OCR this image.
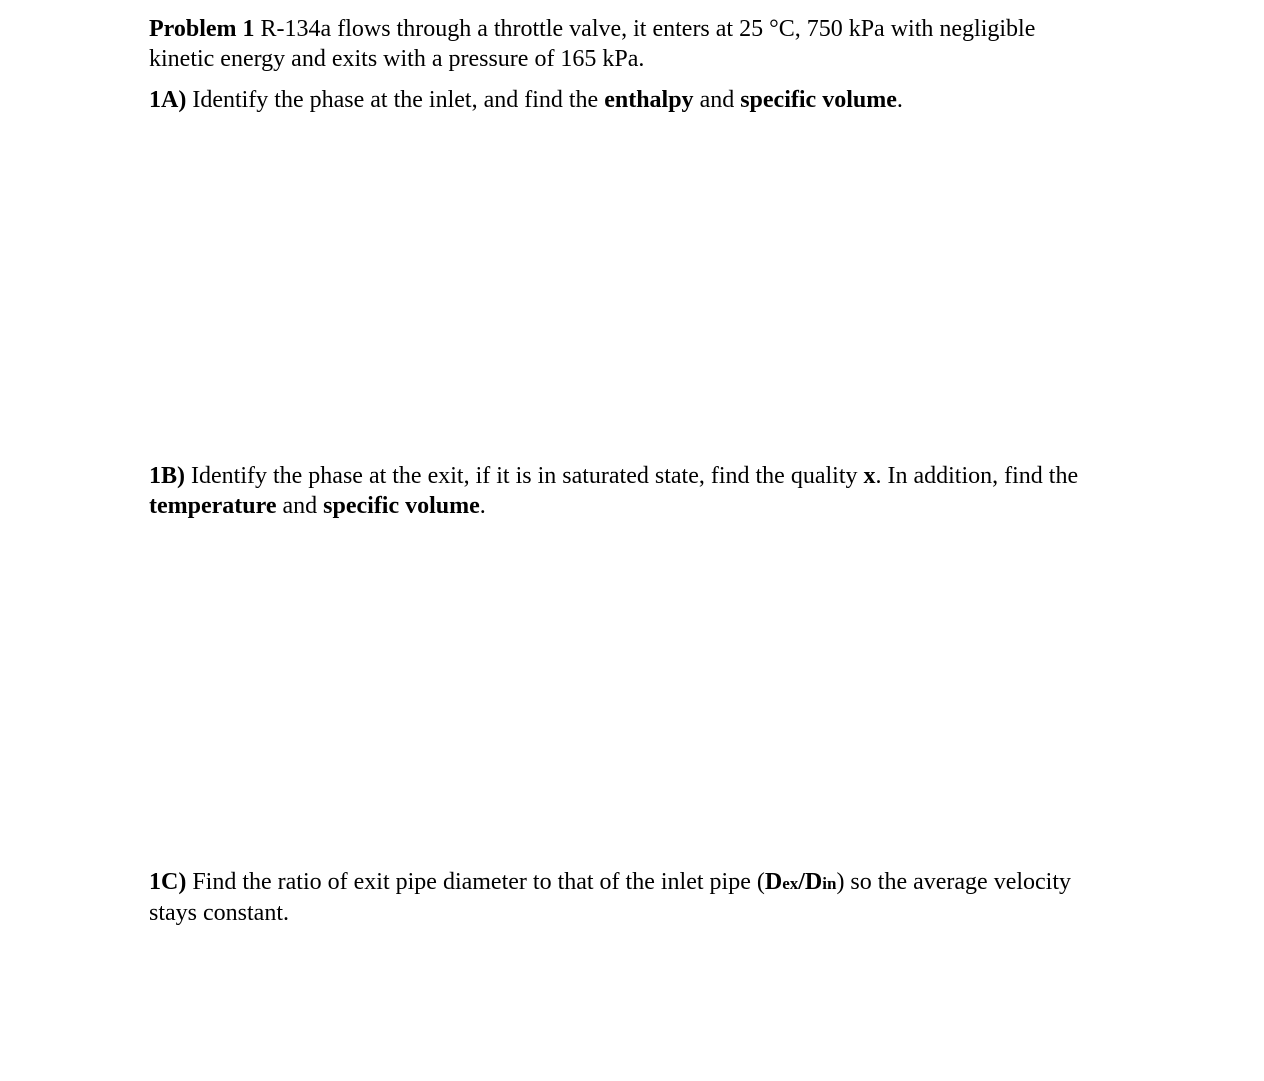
Problem 1 R-134a flows through a throttle valve, it enters at 25 °C, 750 kPa with negligible
kinetic energy and exits with a pressure of 165 kPa.

1A) Identify the phase at the inlet, and find the enthalpy and specific volume.

1B) Identify the phase at the exit, if it is in saturated state, find the quality x. In addition, find the
temperature and specific volume.

1C) Find the ratio of exit pipe diameter to that of the inlet pipe (Dex/Din) so the average velocity
stays constant.
